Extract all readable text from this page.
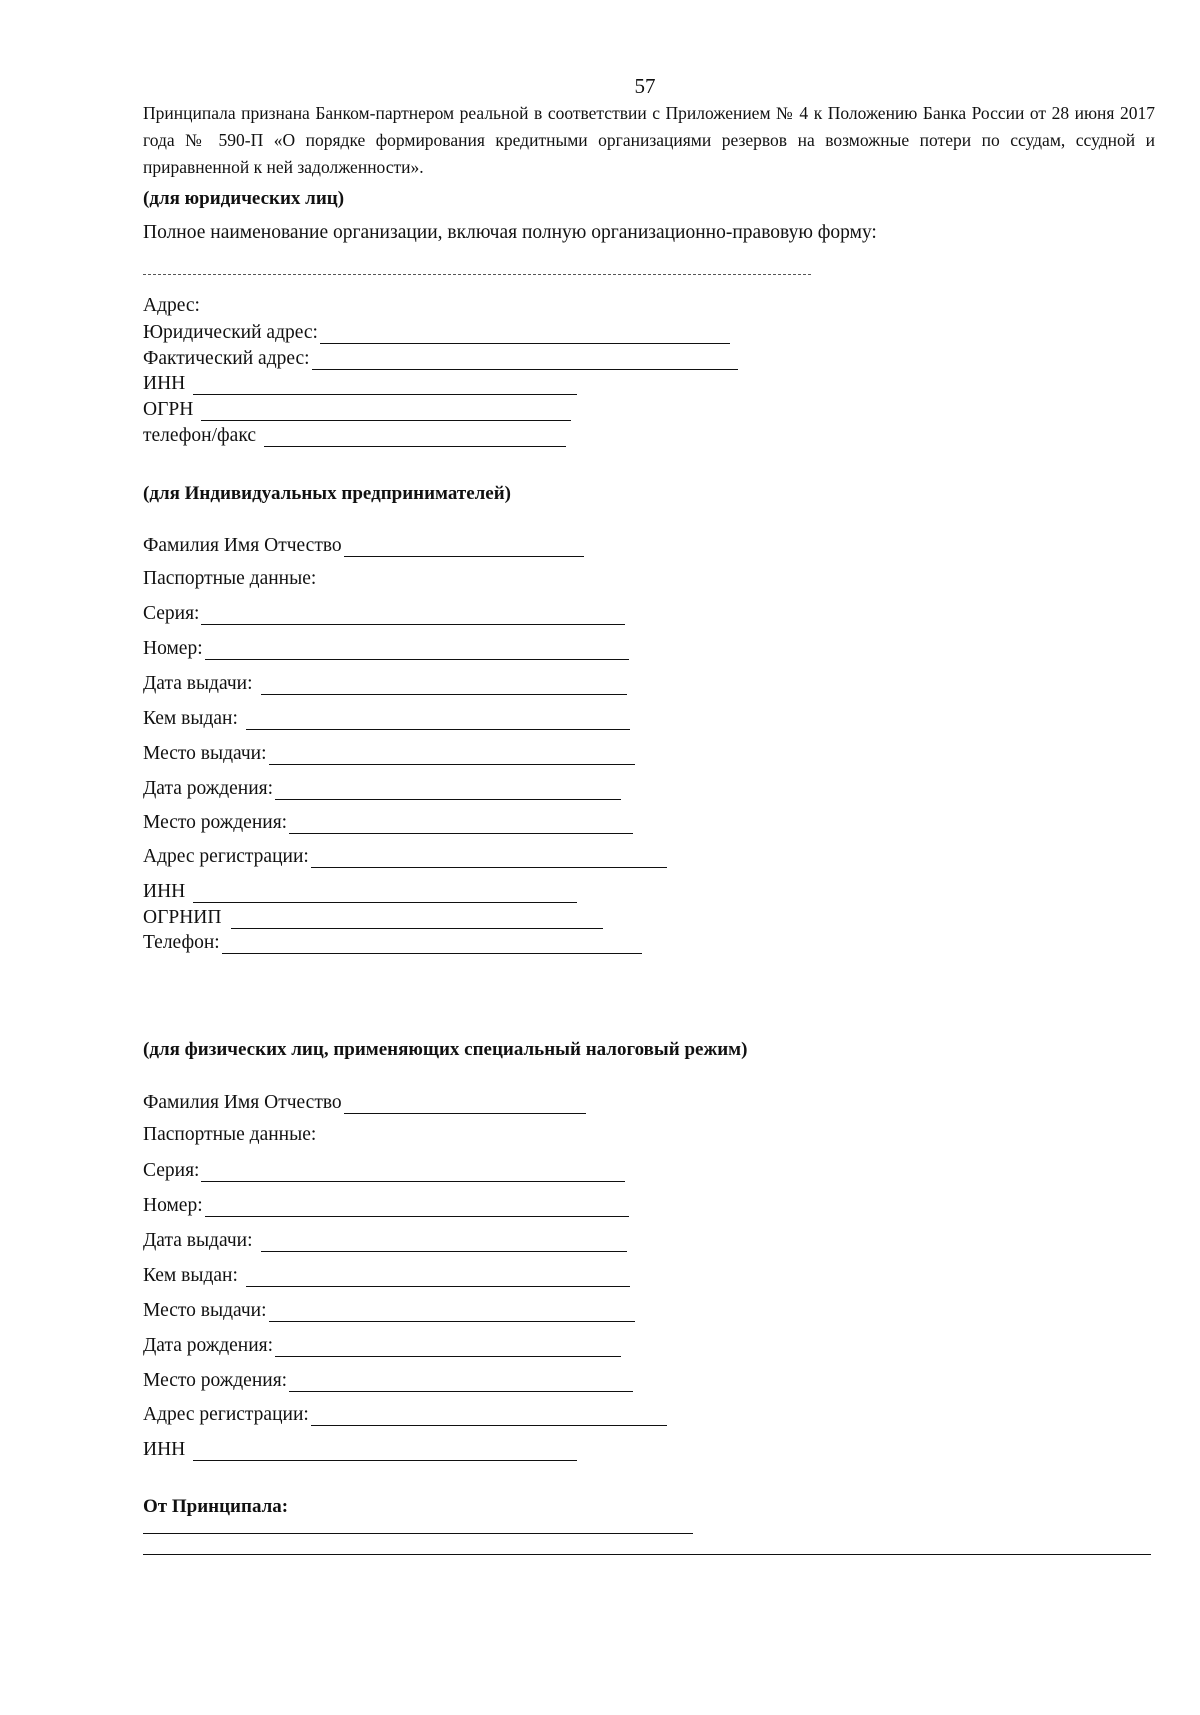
57

Принципала признана Банком-партнером реальной в соответствии с Приложением № 4 к Положению Банка России от 28 июня 2017 года № 590-П «О порядке формирования кредитными организациями резервов на возможные потери по ссудам, ссудной и приравненной к ней задолженности».

(для юридических лиц)
Полное наименование организации, включая полную организационно-правовую форму:
Адрес:
Юридический адрес:
Фактический адрес:
ИНН
ОГРН
телефон/факс
(для Индивидуальных предпринимателей)
Фамилия Имя Отчество
Паспортные данные:
Серия:
Номер:
Дата выдачи:
Кем выдан:
Место выдачи:
Дата рождения:
Место рождения:
Адрес регистрации:
ИНН
ОГРНИП
Телефон:
(для физических лиц, применяющих специальный налоговый режим)
Фамилия Имя Отчество
Паспортные данные:
Серия:
Номер:
Дата выдачи:
Кем выдан:
Место выдачи:
Дата рождения:
Место рождения:
Адрес регистрации:
ИНН
От Принципала:
